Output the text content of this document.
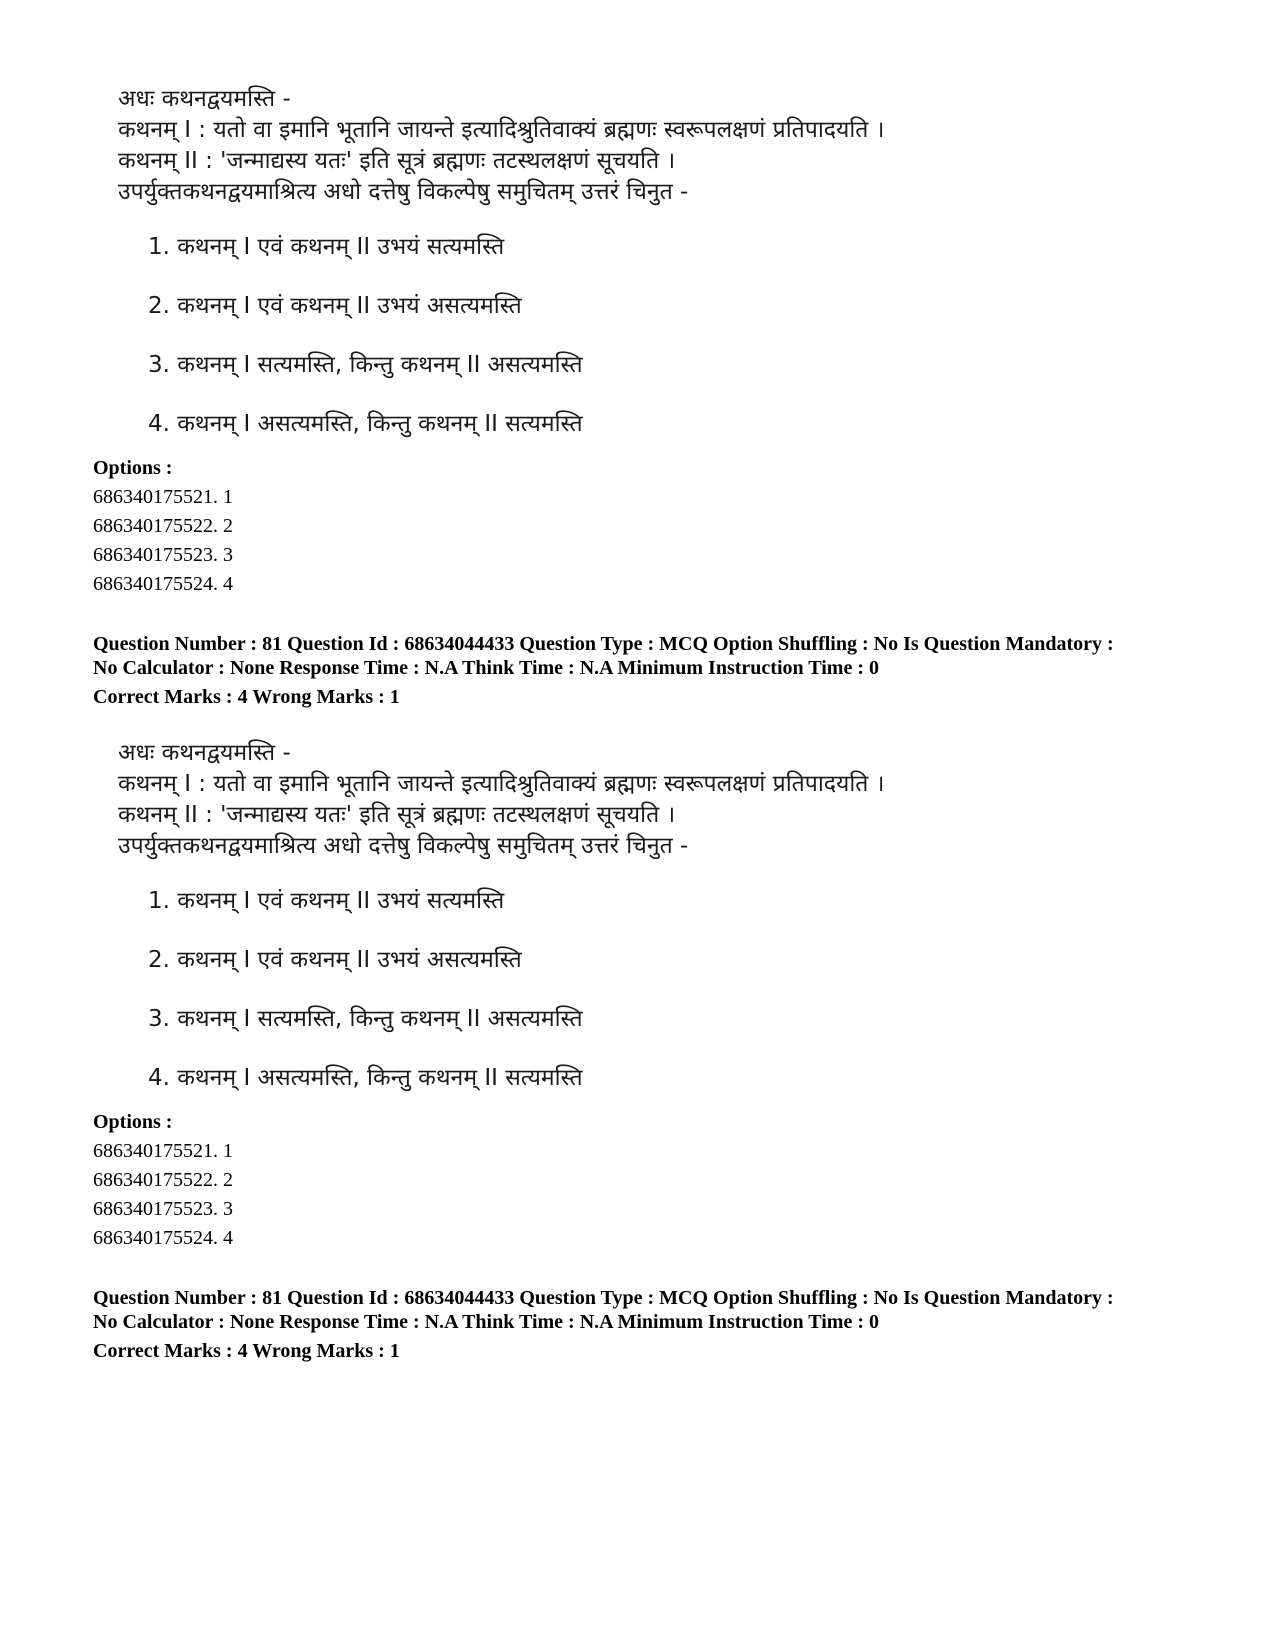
अधः कथनद्वयमस्ति -
कथनम् I : यतो वा इमानि भूतानि जायन्ते इत्यादिश्रुतिवाक्यं ब्रह्मणः स्वरूपलक्षणं प्रतिपादयति ।
कथनम् II : 'जन्माद्यस्य यतः' इति सूत्रं ब्रह्मणः तटस्थलक्षणं सूचयति ।
उपर्युक्तकथनद्वयमाश्रित्य अधो दत्तेषु विकल्पेषु समुचितम् उत्तरं चिनुत -
1. कथनम् I एवं कथनम् II उभयं सत्यमस्ति
2. कथनम् I एवं कथनम् II उभयं असत्यमस्ति
3. कथनम् I सत्यमस्ति, किन्तु कथनम् II असत्यमस्ति
4. कथनम् I असत्यमस्ति, किन्तु कथनम् II सत्यमस्ति
Options :
686340175521. 1
686340175522. 2
686340175523. 3
686340175524. 4
Question Number : 81 Question Id : 68634044433 Question Type : MCQ Option Shuffling : No Is Question Mandatory :
No Calculator : None Response Time : N.A Think Time : N.A Minimum Instruction Time : 0
Correct Marks : 4 Wrong Marks : 1
अधः कथनद्वयमस्ति -
कथनम् I : यतो वा इमानि भूतानि जायन्ते इत्यादिश्रुतिवाक्यं ब्रह्मणः स्वरूपलक्षणं प्रतिपादयति ।
कथनम् II : 'जन्माद्यस्य यतः' इति सूत्रं ब्रह्मणः तटस्थलक्षणं सूचयति ।
उपर्युक्तकथनद्वयमाश्रित्य अधो दत्तेषु विकल्पेषु समुचितम् उत्तरं चिनुत -
1. कथनम् I एवं कथनम् II उभयं सत्यमस्ति
2. कथनम् I एवं कथनम् II उभयं असत्यमस्ति
3. कथनम् I सत्यमस्ति, किन्तु कथनम् II असत्यमस्ति
4. कथनम् I असत्यमस्ति, किन्तु कथनम् II सत्यमस्ति
Options :
686340175521. 1
686340175522. 2
686340175523. 3
686340175524. 4
Question Number : 81 Question Id : 68634044433 Question Type : MCQ Option Shuffling : No Is Question Mandatory :
No Calculator : None Response Time : N.A Think Time : N.A Minimum Instruction Time : 0
Correct Marks : 4 Wrong Marks : 1
